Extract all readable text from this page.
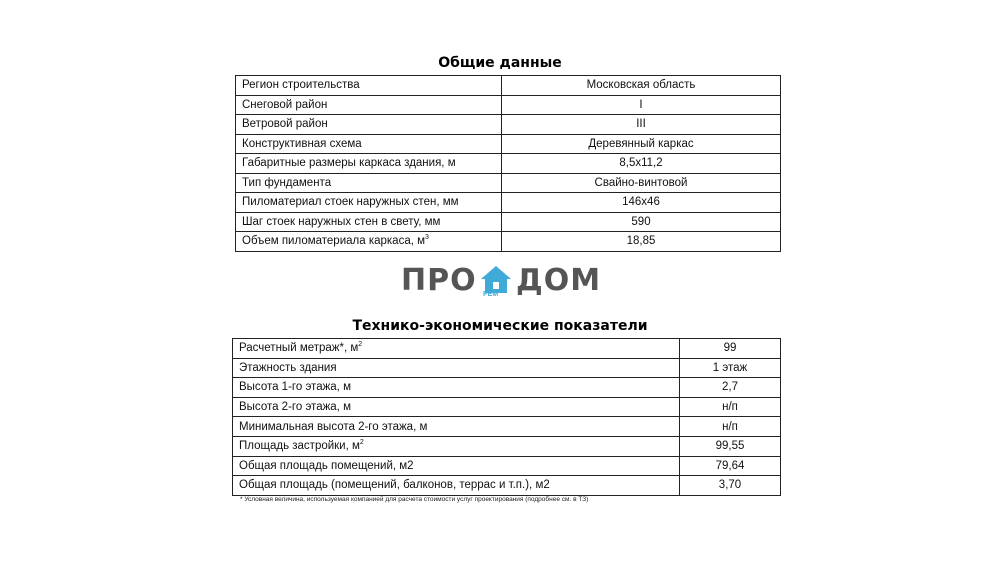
Общие данные
Регион строительства	Московская область
Снеговой район	I
Ветровой район	III
Конструктивная схема	Деревянный каркас
Габаритные размеры каркаса здания, м	8,5x11,2
Тип фундамента	Свайно-винтовой
Пиломатериал стоек наружных стен, мм	146x46
Шаг стоек наружных стен в свету, мм	590
Объем пиломатериала каркаса, $м^3$	18,85
ПРО РЕМ ДОМ
Технико-экономические показатели
Расчетный метраж*, $м^2$	99
Этажность здания	1 этаж
Высота 1-го этажа, м	2,7
Высота 2-го этажа, м	н/п
Минимальная высота 2-го этажа, м	н/п
Площадь застройки, $м^2$	99,55
Общая площадь помещений, м2	79,64
Общая площадь (помещений, балконов, террас и т.п.), м2	3,70
* Условная величина, используемая компанией для расчета стоимости услуг проектирования (подробнее см. в ТЗ)
